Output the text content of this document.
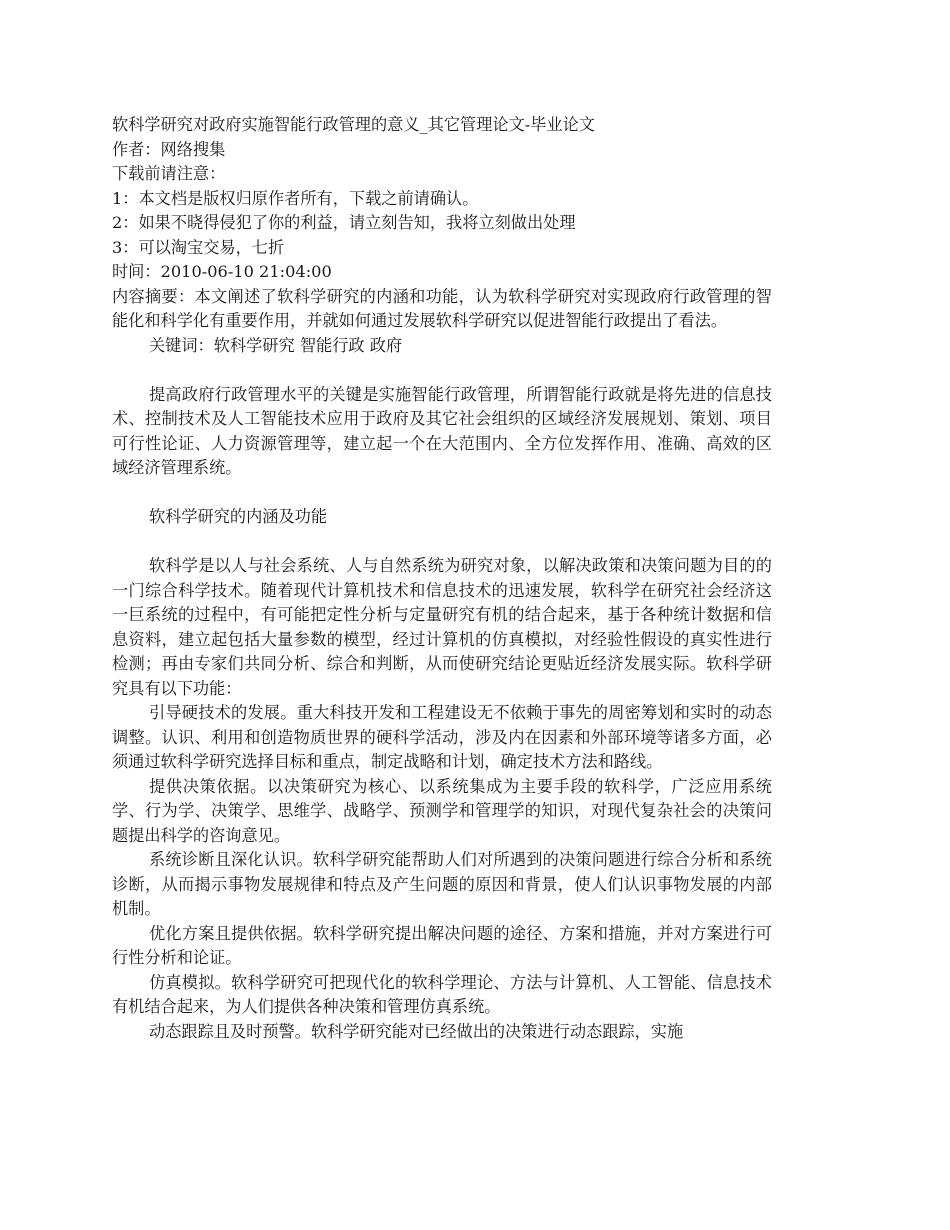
软科学研究对政府实施智能行政管理的意义_其它管理论文-毕业论文
作者：网络搜集
下载前请注意：
1：本文档是版权归原作者所有，下载之前请确认。
2：如果不晓得侵犯了你的利益，请立刻告知，我将立刻做出处理
3：可以淘宝交易，七折
时间：2010-06-10 21:04:00

内容摘要：本文阐述了软科学研究的内涵和功能，认为软科学研究对实现政府行政管理的智能化和科学化有重要作用，并就如何通过发展软科学研究以促进智能行政提出了看法。

关键词：软科学研究 智能行政 政府

提高政府行政管理水平的关键是实施智能行政管理，所谓智能行政就是将先进的信息技术、控制技术及人工智能技术应用于政府及其它社会组织的区域经济发展规划、策划、项目可行性论证、人力资源管理等，建立起一个在大范围内、全方位发挥作用、准确、高效的区域经济管理系统。

软科学研究的内涵及功能

软科学是以人与社会系统、人与自然系统为研究对象，以解决政策和决策问题为目的的一门综合科学技术。随着现代计算机技术和信息技术的迅速发展，软科学在研究社会经济这一巨系统的过程中，有可能把定性分析与定量研究有机的结合起来，基于各种统计数据和信息资料，建立起包括大量参数的模型，经过计算机的仿真模拟，对经验性假设的真实性进行检测；再由专家们共同分析、综合和判断，从而使研究结论更贴近经济发展实际。软科学研究具有以下功能：

引导硬技术的发展。重大科技开发和工程建设无不依赖于事先的周密筹划和实时的动态调整。认识、利用和创造物质世界的硬科学活动，涉及内在因素和外部环境等诸多方面，必须通过软科学研究选择目标和重点，制定战略和计划，确定技术方法和路线。

提供决策依据。以决策研究为核心、以系统集成为主要手段的软科学，广泛应用系统学、行为学、决策学、思维学、战略学、预测学和管理学的知识，对现代复杂社会的决策问题提出科学的咨询意见。

系统诊断且深化认识。软科学研究能帮助人们对所遇到的决策问题进行综合分析和系统诊断，从而揭示事物发展规律和特点及产生问题的原因和背景，使人们认识事物发展的内部机制。

优化方案且提供依据。软科学研究提出解决问题的途径、方案和措施，并对方案进行可行性分析和论证。

仿真模拟。软科学研究可把现代化的软科学理论、方法与计算机、人工智能、信息技术有机结合起来，为人们提供各种决策和管理仿真系统。

动态跟踪且及时预警。软科学研究能对已经做出的决策进行动态跟踪，实施
